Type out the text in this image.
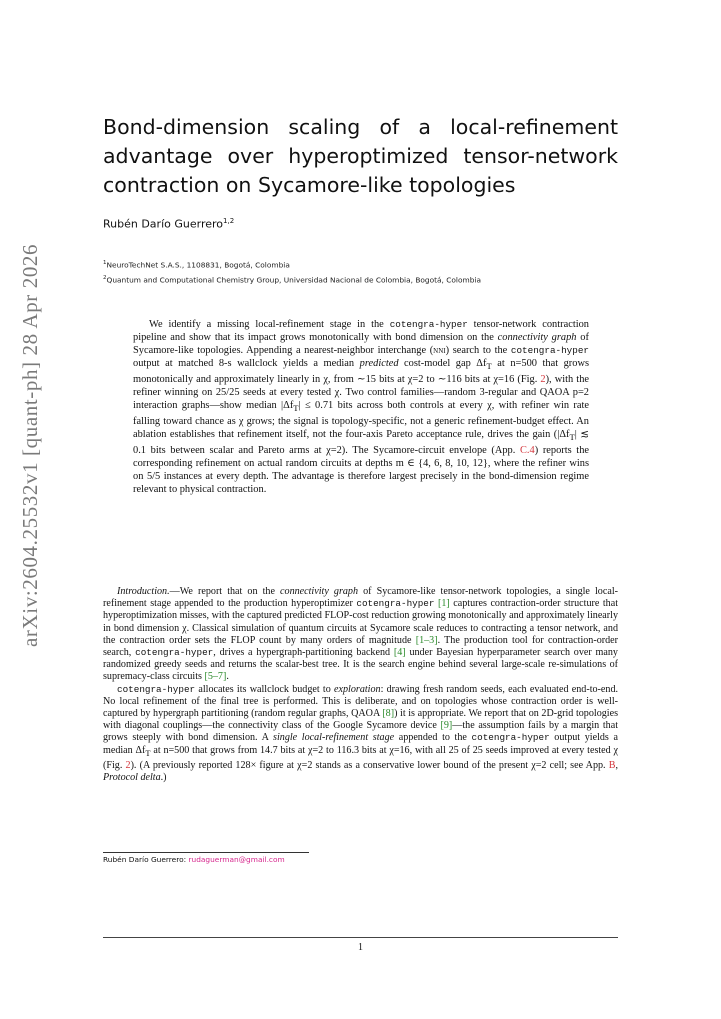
arXiv:2604.25532v1 [quant-ph] 28 Apr 2026
Bond-dimension scaling of a local-refinement advantage over hyperoptimized tensor-network contraction on Sycamore-like topologies
Rubén Darío Guerrero$^{1,2}$
$^1$NeuroTechNet S.A.S., 1108831, Bogotá, Colombia
$^2$Quantum and Computational Chemistry Group, Universidad Nacional de Colombia, Bogotá, Colombia

We identify a missing local-refinement stage in the cotengra-hyper tensor-network contraction pipeline and show that its impact grows monotonically with bond dimension on the connectivity graph of Sycamore-like topologies. Appending a nearest-neighbor interchange (nni) search to the cotengra-hyper output at matched 8-s wallclock yields a median predicted cost-model gap $\Delta f_T$ at n=500 that grows monotonically and approximately linearly in χ, from ∼15 bits at χ=2 to ∼116 bits at χ=16 (Fig. 2), with the refiner winning on 25/25 seeds at every tested χ. Two control families—random 3-regular and QAOA p=2 interaction graphs—show median $|\Delta f_T| \le 0.71$ bits across both controls at every χ, with refiner win rate falling toward chance as χ grows; the signal is topology-specific, not a generic refinement-budget effect. An ablation establishes that refinement itself, not the four-axis Pareto acceptance rule, drives the gain ($|\Delta f_T|$ ≲ 0.1 bits between scalar and Pareto arms at χ=2). The Sycamore-circuit envelope (App. C.4) reports the corresponding refinement on actual random circuits at depths m ∈ {4, 6, 8, 10, 12}, where the refiner wins on 5/5 instances at every depth. The advantage is therefore largest precisely in the bond-dimension regime relevant to physical contraction.

Introduction.—We report that on the connectivity graph of Sycamore-like tensor-network topologies, a single local-refinement stage appended to the production hyperoptimizer cotengra-hyper [1] captures contraction-order structure that hyperoptimization misses, with the captured predicted FLOP-cost reduction growing monotonically and approximately linearly in bond dimension χ. Classical simulation of quantum circuits at Sycamore scale reduces to contracting a tensor network, and the contraction order sets the FLOP count by many orders of magnitude [1–3]. The production tool for contraction-order search, cotengra-hyper, drives a hypergraph-partitioning backend [4] under Bayesian hyperparameter search over many randomized greedy seeds and returns the scalar-best tree. It is the search engine behind several large-scale re-simulations of supremacy-class circuits [5–7].

cotengra-hyper allocates its wallclock budget to exploration: drawing fresh random seeds, each evaluated end-to-end. No local refinement of the final tree is performed. This is deliberate, and on topologies whose contraction order is well-captured by hypergraph partitioning (random regular graphs, QAOA [8]) it is appropriate. We report that on 2D-grid topologies with diagonal couplings—the connectivity class of the Google Sycamore device [9]—the assumption fails by a margin that grows steeply with bond dimension. A single local-refinement stage appended to the cotengra-hyper output yields a median $\Delta f_T$ at n=500 that grows from 14.7 bits at χ=2 to 116.3 bits at χ=16, with all 25 of 25 seeds improved at every tested χ (Fig. 2). (A previously reported 128× figure at χ=2 stands as a conservative lower bound of the present χ=2 cell; see App. B, Protocol delta.)

Rubén Darío Guerrero: rudaguerman@gmail.com
1
